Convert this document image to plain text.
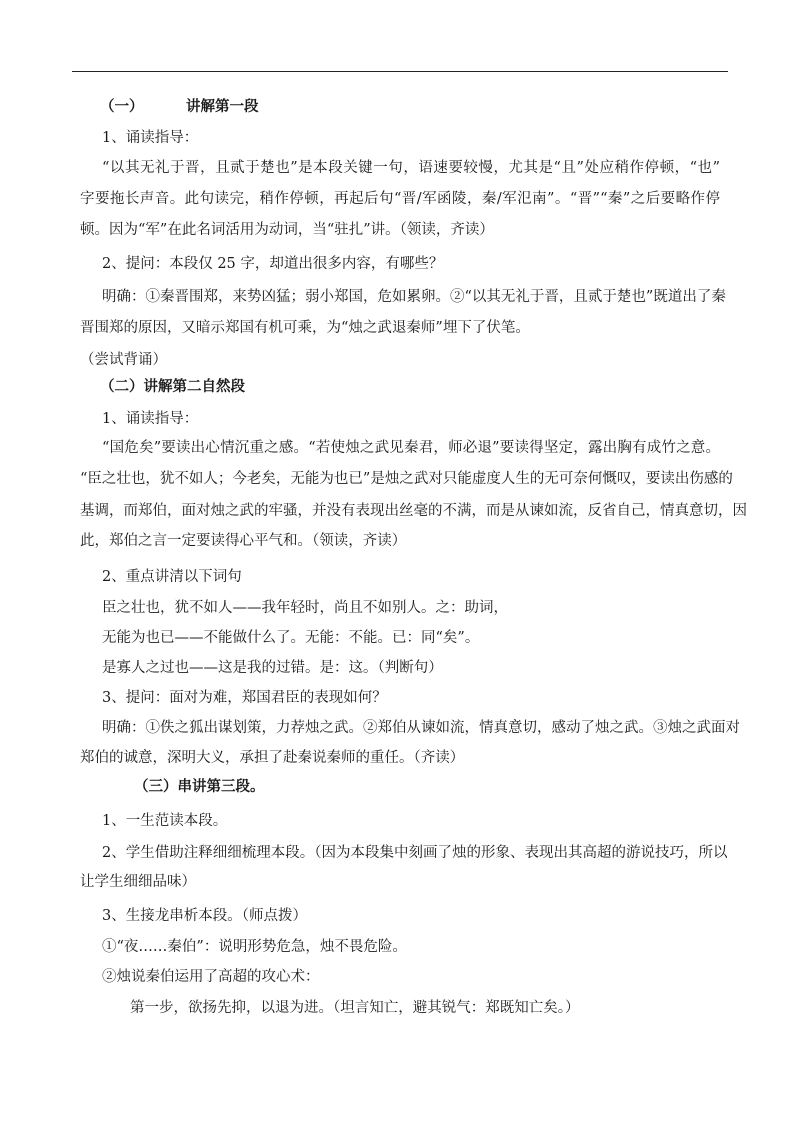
（一）	讲解第一段
1、诵读指导：
“以其无礼于晋，且贰于楚也”是本段关键一句，语速要较慢，尤其是“且”处应稍作停顿，“也”
字要拖长声音。此句读完，稍作停顿，再起后句“晋/军函陵，秦/军氾南”。“晋”“秦”之后要略作停
顿。因为“军”在此名词活用为动词，当“驻扎”讲。（领读，齐读）
2、提问：本段仅 25 字，却道出很多内容，有哪些？
明确：①秦晋围郑，来势凶猛；弱小郑国，危如累卵。②“以其无礼于晋，且贰于楚也”既道出了秦
晋围郑的原因，又暗示郑国有机可乘，为“烛之武退秦师”埋下了伏笔。
（尝试背诵）
（二）讲解第二自然段
1、诵读指导：
“国危矣”要读出心情沉重之感。“若使烛之武见秦君，师必退”要读得坚定，露出胸有成竹之意。
“臣之壮也，犹不如人；今老矣，无能为也已”是烛之武对只能虚度人生的无可奈何慨叹，要读出伤感的
基调，而郑伯，面对烛之武的牢骚，并没有表现出丝毫的不满，而是从谏如流，反省自己，情真意切，因
此，郑伯之言一定要读得心平气和。（领读，齐读）
2、重点讲清以下词句
臣之壮也，犹不如人——我年轻时，尚且不如别人。之：助词，
无能为也已——不能做什么了。无能：不能。已：同“矣”。
是寡人之过也——这是我的过错。是：这。（判断句）
3、提问：面对为难，郑国君臣的表现如何？
明确：①佚之狐出谋划策，力荐烛之武。②郑伯从谏如流，情真意切，感动了烛之武。③烛之武面对
郑伯的诚意，深明大义，承担了赴秦说秦师的重任。（齐读）
（三）串讲第三段。
1、一生范读本段。
2、学生借助注释细细梳理本段。（因为本段集中刻画了烛的形象、表现出其高超的游说技巧，所以
让学生细细品味）
3、生接龙串析本段。（师点拨）
①“夜……秦伯”：说明形势危急，烛不畏危险。
②烛说秦伯运用了高超的攻心术：
第一步，欲扬先抑，以退为进。（坦言知亡，避其锐气：郑既知亡矣。）
